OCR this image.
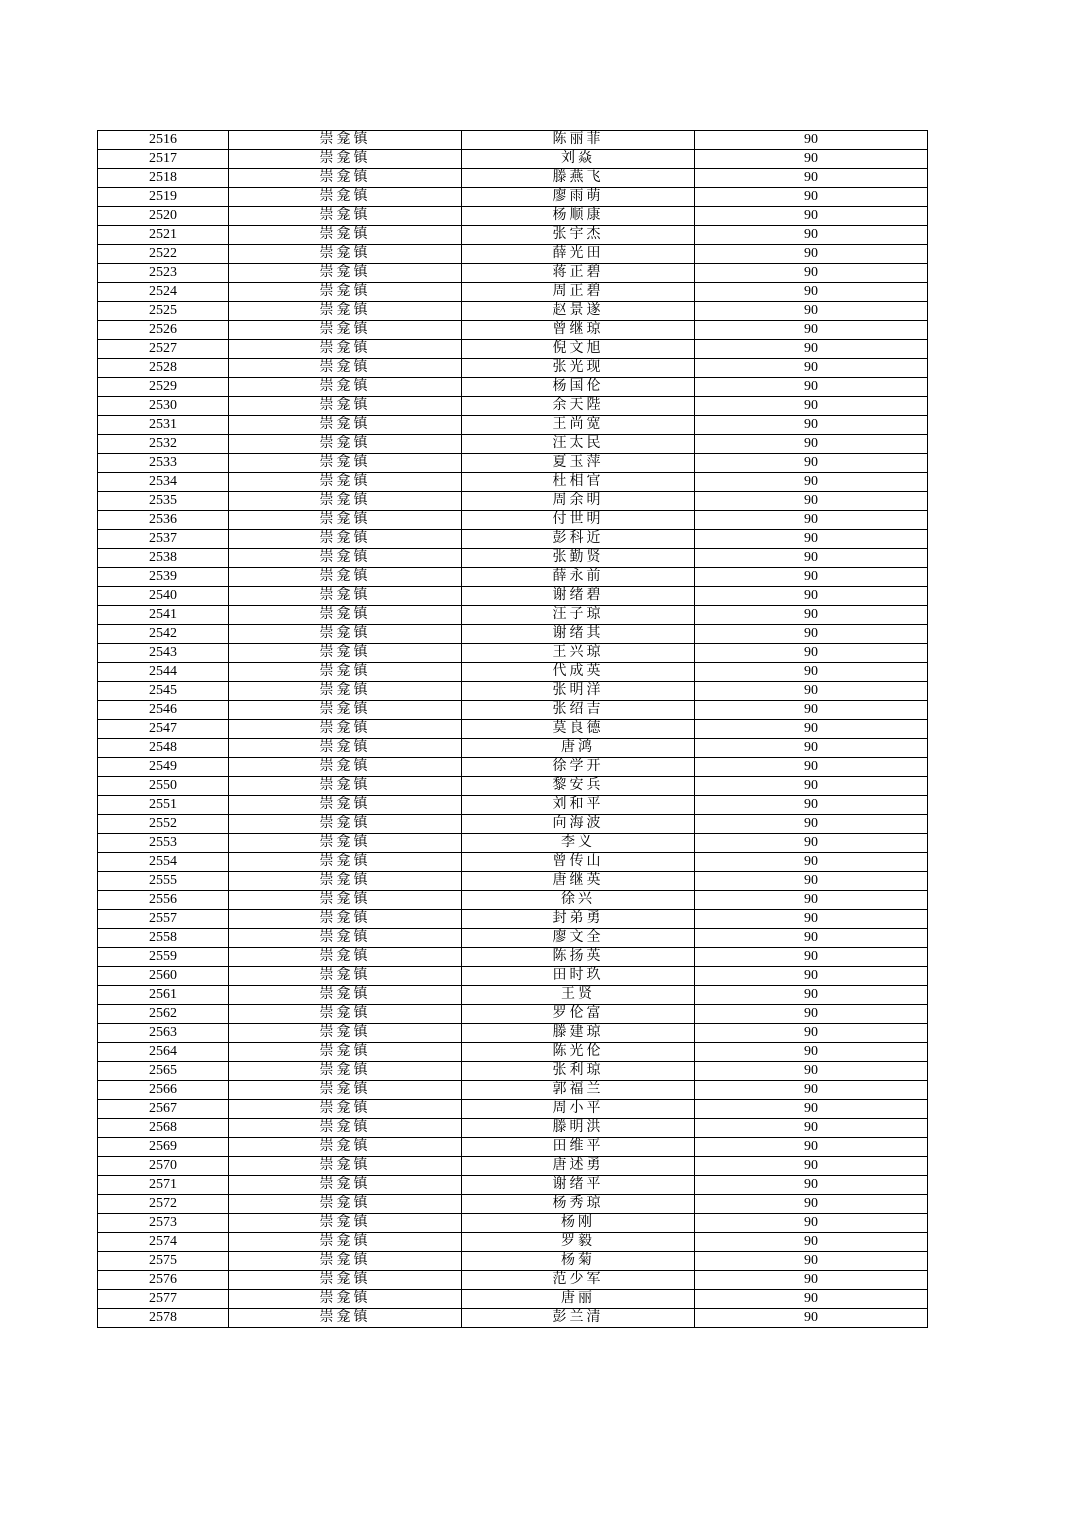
2516	崇龛镇	陈丽菲	90
2517	崇龛镇	刘焱	90
2518	崇龛镇	滕燕飞	90
2519	崇龛镇	廖雨萌	90
2520	崇龛镇	杨顺康	90
2521	崇龛镇	张宇杰	90
2522	崇龛镇	薛光田	90
2523	崇龛镇	蒋正碧	90
2524	崇龛镇	周正碧	90
2525	崇龛镇	赵景遂	90
2526	崇龛镇	曾继琼	90
2527	崇龛镇	倪文旭	90
2528	崇龛镇	张光现	90
2529	崇龛镇	杨国伦	90
2530	崇龛镇	余天陛	90
2531	崇龛镇	王尚宽	90
2532	崇龛镇	汪太民	90
2533	崇龛镇	夏玉萍	90
2534	崇龛镇	杜相官	90
2535	崇龛镇	周余明	90
2536	崇龛镇	付世明	90
2537	崇龛镇	彭科近	90
2538	崇龛镇	张勤贤	90
2539	崇龛镇	薛永前	90
2540	崇龛镇	谢绪碧	90
2541	崇龛镇	汪子琼	90
2542	崇龛镇	谢绪其	90
2543	崇龛镇	王兴琼	90
2544	崇龛镇	代成英	90
2545	崇龛镇	张明洋	90
2546	崇龛镇	张绍吉	90
2547	崇龛镇	莫良德	90
2548	崇龛镇	唐鸿	90
2549	崇龛镇	徐学开	90
2550	崇龛镇	黎安兵	90
2551	崇龛镇	刘和平	90
2552	崇龛镇	向海波	90
2553	崇龛镇	李义	90
2554	崇龛镇	曾传山	90
2555	崇龛镇	唐继英	90
2556	崇龛镇	徐兴	90
2557	崇龛镇	封弟勇	90
2558	崇龛镇	廖文全	90
2559	崇龛镇	陈扬英	90
2560	崇龛镇	田时玖	90
2561	崇龛镇	王贤	90
2562	崇龛镇	罗伦富	90
2563	崇龛镇	滕建琼	90
2564	崇龛镇	陈光伦	90
2565	崇龛镇	张利琼	90
2566	崇龛镇	郭福兰	90
2567	崇龛镇	周小平	90
2568	崇龛镇	滕明洪	90
2569	崇龛镇	田维平	90
2570	崇龛镇	唐述勇	90
2571	崇龛镇	谢绪平	90
2572	崇龛镇	杨秀琼	90
2573	崇龛镇	杨刚	90
2574	崇龛镇	罗毅	90
2575	崇龛镇	杨菊	90
2576	崇龛镇	范少军	90
2577	崇龛镇	唐丽	90
2578	崇龛镇	彭兰清	90
